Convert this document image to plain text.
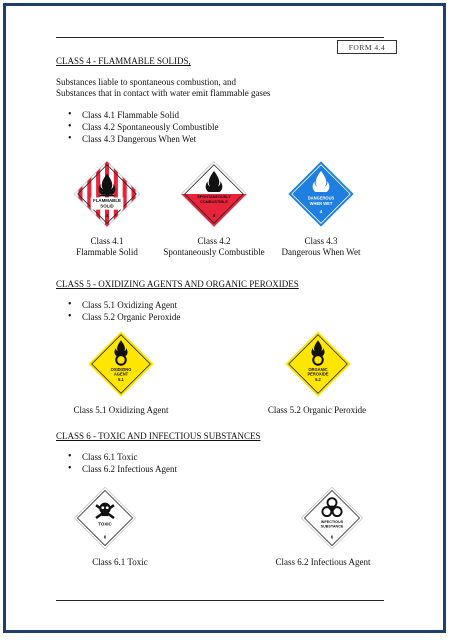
FORM 4.4
CLASS 4 - FLAMMABLE SOLIDS,
Substances liable to spontaneous combustion, and
Substances that in contact with water emit flammable gases
• Class 4.1 Flammable Solid
• Class 4.2 Spontaneously Combustible
• Class 4.3 Dangerous When Wet
FLAMMABLE
SOLID
4
SPONTANEOUSLY
COMBUSTIBLE
4
DANGEROUS
WHEN WET
4
Class 4.1
Flammable Solid
Class 4.2
Spontaneously Combustible
Class 4.3
Dangerous When Wet
CLASS 5 - OXIDIZING AGENTS AND ORGANIC PEROXIDES
• Class 5.1 Oxidizing Agent
• Class 5.2 Organic Peroxide
OXIDIZING
AGENT
5.1
ORGANIC
PEROXIDE
5.2
Class 5.1 Oxidizing Agent	Class 5.2 Organic Peroxide
CLASS 6 - TOXIC AND INFECTIOUS SUBSTANCES
• Class 6.1 Toxic
• Class 6.2 Infectious Agent
TOXIC
6
INFECTIOUS
SUBSTANCE
6
Class 6.1 Toxic	Class 6.2 Infectious Agent
